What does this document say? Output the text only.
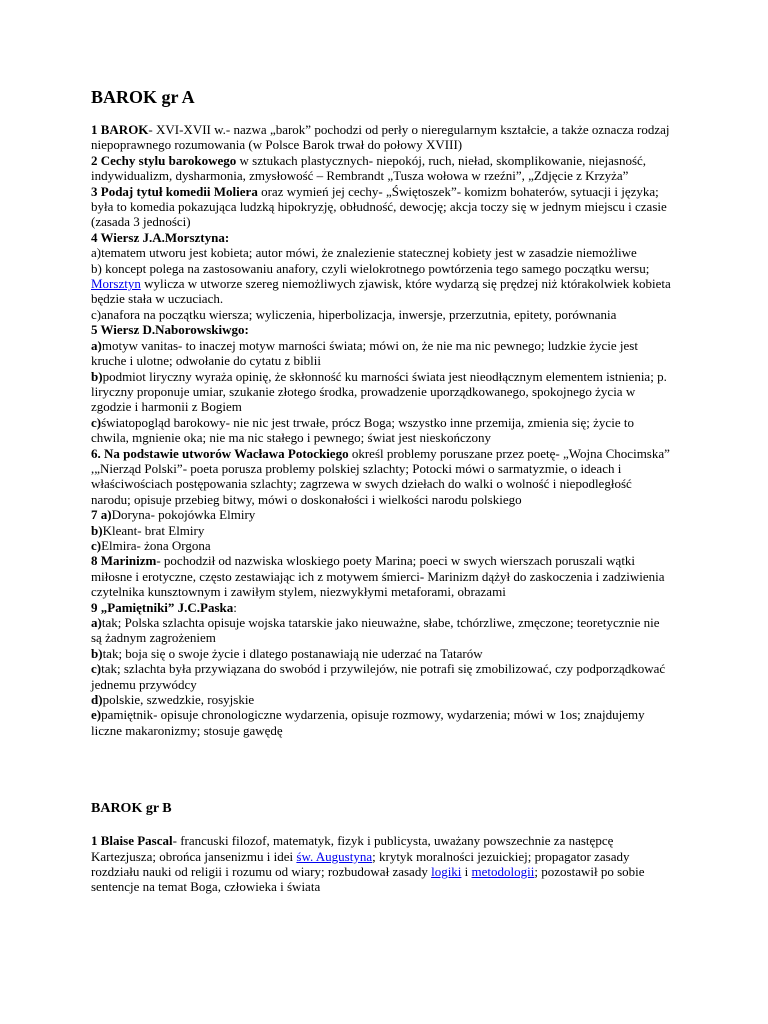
BAROK gr A

1 BAROK- XVI-XVII w.- nazwa „barok” pochodzi od perły o nieregularnym kształcie, a także oznacza rodzaj niepoprawnego rozumowania (w Polsce Barok trwał do połowy XVIII)

2 Cechy stylu barokowego w sztukach plastycznych- niepokój, ruch, nieład, skomplikowanie, niejasność, indywidualizm, dysharmonia, zmysłowość – Rembrandt „Tusza wołowa w rzeźni”, „Zdjęcie z Krzyża”

3 Podaj tytuł komedii Moliera oraz wymień jej cechy- „Świętoszek”- komizm bohaterów, sytuacji i języka; była to komedia pokazująca ludzką hipokryzję, obłudność, dewocję; akcja toczy się w jednym miejscu i czasie (zasada 3 jedności)

4 Wiersz J.A.Morsztyna:

a)tematem utworu jest kobieta; autor mówi, że znalezienie statecznej kobiety jest w zasadzie niemożliwe

b) koncept polega na zastosowaniu anafory, czyli wielokrotnego powtórzenia tego samego początku wersu; Morsztyn wylicza w utworze szereg niemożliwych zjawisk, które wydarzą się prędzej niż którakolwiek kobieta będzie stała w uczuciach.

c)anafora na początku wiersza; wyliczenia, hiperbolizacja, inwersje, przerzutnia, epitety, porównania

5 Wiersz D.Naborowskiwgo:

a)motyw vanitas- to inaczej motyw marności świata; mówi on, że nie ma nic pewnego; ludzkie życie jest kruche i ulotne; odwołanie do cytatu z biblii

b)podmiot liryczny wyraża opinię, że skłonność ku marności świata jest nieodłącznym elementem istnienia; p. liryczny proponuje umiar, szukanie złotego środka, prowadzenie uporządkowanego, spokojnego życia w zgodzie i harmonii z Bogiem

c)światopogląd barokowy- nie nic jest trwałe, prócz Boga; wszystko inne przemija, zmienia się; życie to chwila, mgnienie oka; nie ma nic stałego i pewnego; świat jest nieskończony

6. Na podstawie utworów Wacława Potockiego określ problemy poruszane przez poetę- „Wojna Chocimska” ,„Nierząd Polski”- poeta porusza problemy polskiej szlachty; Potocki mówi o sarmatyzmie, o ideach i właściwościach postępowania szlachty; zagrzewa w swych dziełach do walki o wolność i niepodległość narodu; opisuje przebieg bitwy, mówi o doskonałości i wielkości narodu polskiego

7 a)Doryna- pokojówka Elmiry

b)Kleant- brat Elmiry

c)Elmira- żona Orgona

8 Marinizm- pochodził od nazwiska wloskiego poety Marina; poeci w swych wierszach poruszali wątki miłosne i erotyczne, często zestawiając ich z motywem śmierci- Marinizm dążył do zaskoczenia i zadziwienia czytelnika kunsztownym i zawiłym stylem, niezwykłymi metaforami, obrazami

9 „Pamiętniki” J.C.Paska:

a)tak; Polska szlachta opisuje wojska tatarskie jako nieuważne, słabe, tchórzliwe, zmęczone; teoretycznie nie są żadnym zagrożeniem

b)tak; boja się o swoje życie i dlatego postanawiają nie uderzać na Tatarów

c)tak; szlachta była przywiązana do swobód i przywilejów, nie potrafi się zmobilizować, czy podporządkować jednemu przywódcy

d)polskie, szwedzkie, rosyjskie

e)pamiętnik- opisuje chronologiczne wydarzenia, opisuje rozmowy, wydarzenia; mówi w 1os; znajdujemy liczne makaronizmy; stosuje gawędę

BAROK gr B

1 Blaise Pascal- francuski filozof, matematyk, fizyk i publicysta, uważany powszechnie za następcę Kartezjusza; obrońca jansenizmu i idei św. Augustyna; krytyk moralności jezuickiej; propagator zasady rozdziału nauki od religii i rozumu od wiary; rozbudował zasady logiki i metodologii; pozostawił po sobie sentencje na temat Boga, człowieka i świata
